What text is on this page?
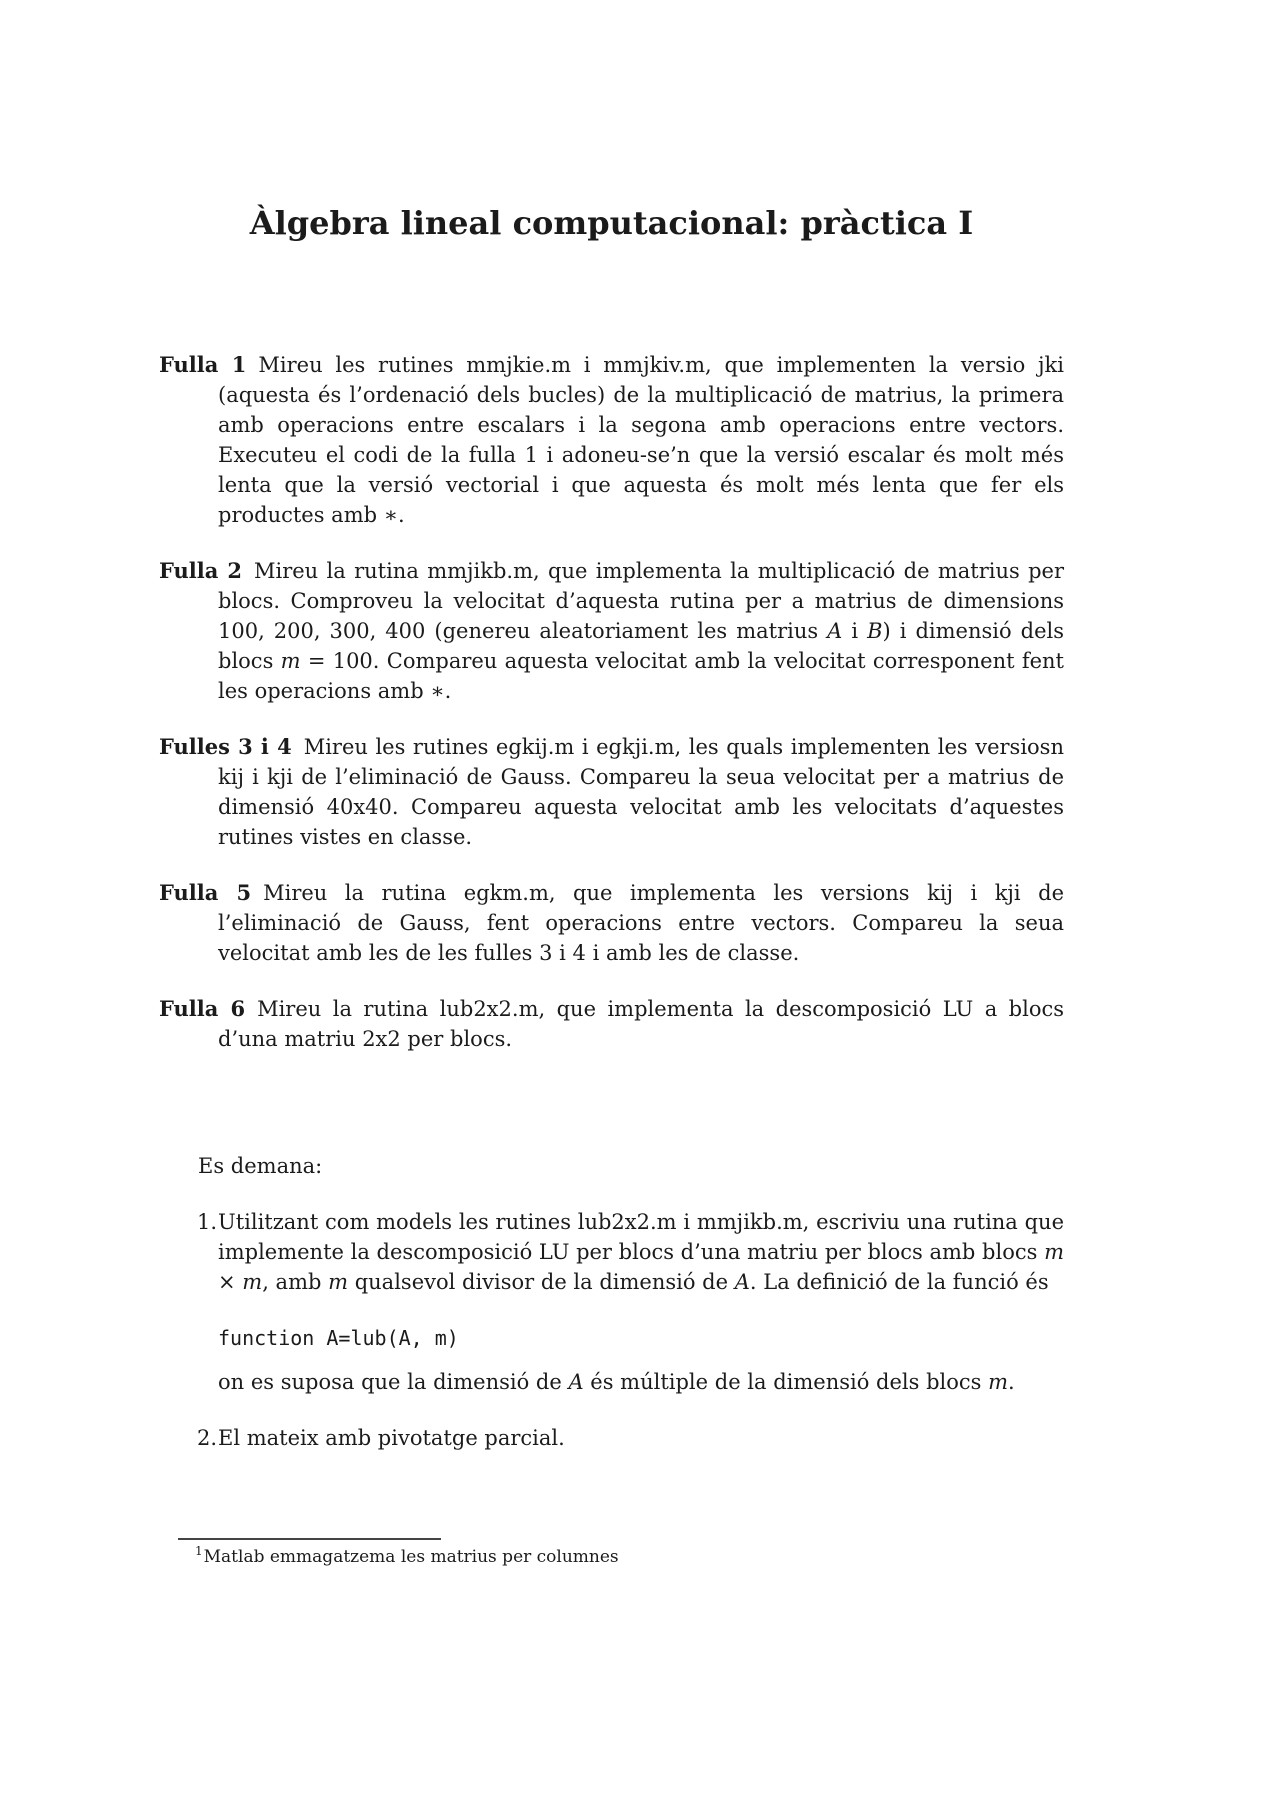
Àlgebra lineal computacional: pràctica I

Fulla 1 Mireu les rutines mmjkie.m i mmjkiv.m, que implementen la versio jki (aquesta és l’ordenació dels bucles) de la multiplicació de matrius, la primera amb operacions entre escalars i la segona amb operacions entre vectors. Executeu el codi de la fulla 1 i adoneu-se’n que la versió escalar és molt més lenta que la versió vectorial i que aquesta és molt més lenta que fer els productes amb ∗.

Fulla 2 Mireu la rutina mmjikb.m, que implementa la multiplicació de matrius per blocs. Comproveu la velocitat d’aquesta rutina per a matrius de dimensions 100, 200, 300, 400 (genereu aleatoriament les matrius A i B) i dimensió dels blocs m = 100. Compareu aquesta velocitat amb la velocitat corresponent fent les operacions amb ∗.

Fulles 3 i 4 Mireu les rutines egkij.m i egkji.m, les quals implementen les versiosn kij i kji de l’eliminació de Gauss. Compareu la seua velocitat per a matrius de dimensió 40x40. Compareu aquesta velocitat amb les velocitats d’aquestes rutines vistes en classe.

Fulla 5 Mireu la rutina egkm.m, que implementa les versions kij i kji de l’eliminació de Gauss, fent operacions entre vectors. Compareu la seua velocitat amb les de les fulles 3 i 4 i amb les de classe.

Fulla 6 Mireu la rutina lub2x2.m, que implementa la descomposició LU a blocs d’una matriu 2x2 per blocs.

Es demana:

1. Utilitzant com models les rutines lub2x2.m i mmjikb.m, escriviu una rutina que implemente la descomposició LU per blocs d’una matriu per blocs amb blocs m × m, amb m qualsevol divisor de la dimensió de A. La definició de la funció és

function A=lub(A, m)

on es suposa que la dimensió de A és múltiple de la dimensió dels blocs m.

2. El mateix amb pivotatge parcial.

$^1$Matlab emmagatzema les matrius per columnes
